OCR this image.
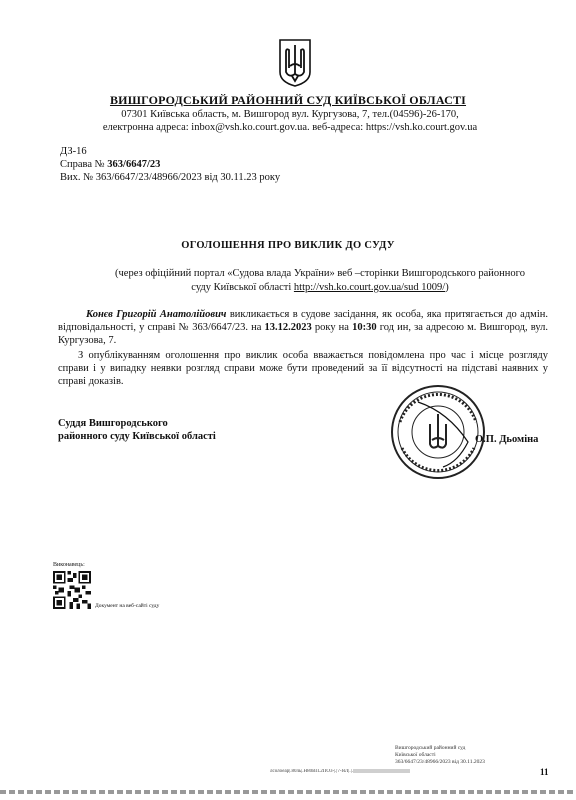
ВИШГОРОДСЬКИЙ РАЙОННИЙ СУД КИЇВСЬКОЇ ОБЛАСТІ
07301 Київська область, м. Вишгород вул. Кургузова, 7, тел.(04596)-26-170,
електронна адреса: inbox@vsh.ko.court.gov.ua. веб-адреса: https://vsh.ko.court.gov.ua
ДЗ-16
Справа № 363/6647/23
Вих. № 363/6647/23/48966/2023 від 30.11.23 року
ОГОЛОШЕННЯ ПРО ВИКЛИК ДО СУДУ
(через офіційний портал «Судова влада України» веб –сторінки Вишгородського районного
суду Київської області http://vsh.ko.court.gov.ua/sud 1009/)
Конєв Григорій Анатолійович викликається в судове засідання, як особа, яка притягається до адмін. відповідальності, у справі № 363/6647/23. на 13.12.2023 року на 10:30 год ин, за адресою м. Вишгород, вул. Кургузова, 7.
З опублікуванням оголошення про виклик особа вважається повідомлена про час і місце розгляду справи і у випадку неявки розгляд справи може бути проведений за її відсутності на підставі наявних у справі доказів.
Суддя Вишгородського
районного суду Київської області	О.П. Дьоміна
Виконавець:
Документ на веб-сайті суду
Вишгородський районний суд
Київської області
363/6647/23/48966/2023 від 30.11.2023
лсолоеар|.80ль|.Н80ВП.2ПО3-|.|7-ЯЛ|.|.|||||||||||||||||||||||||||||||||||||||||||||||||||||||||	11
